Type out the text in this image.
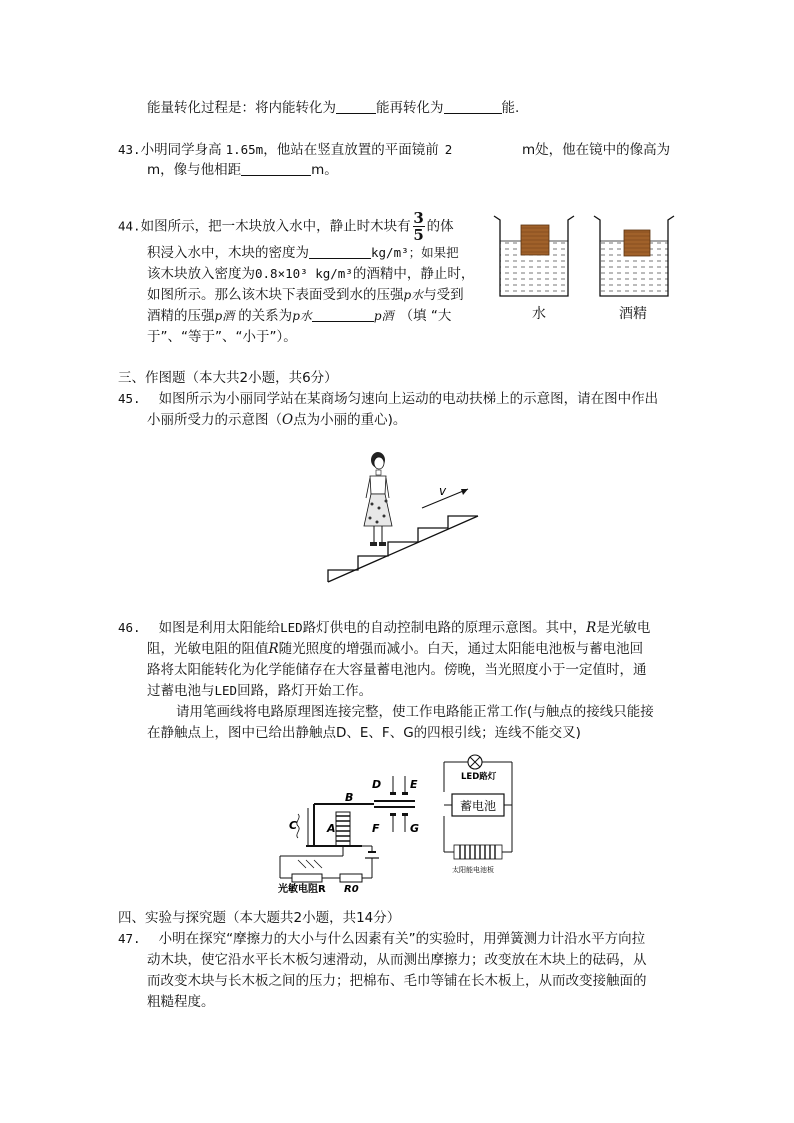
能量转化过程是：将内能转化为	能再转化为	能.
43.小明同学身高 1.65m，他站在竖直放置的平面镜前 2	m处，他在镜中的像高为
m，像与他相距	m。
44.如图所示，把一木块放入水中，静止时木块有 $\frac{3}{5}$ 的体
积浸入水中，木块的密度为	kg/m³；如果把
该木块放入密度为0.8×10³ kg/m³的酒精中，静止时，
如图所示。那么该木块下表面受到水的压强p水与受到
酒精的压强p酒 的关系为p水	p酒 （填 “大
于”、“等于”、“小于”）。
水	酒精
三、作图题（本大共2小题，共6分）
45. 如图所示为小丽同学站在某商场匀速向上运动的电动扶梯上的示意图，请在图中作出
小丽所受力的示意图（O点为小丽的重心)。
v
46. 如图是利用太阳能给LED路灯供电的自动控制电路的原理示意图。其中，R是光敏电
阻，光敏电阻的阻值R随光照度的增强而减小。白天，通过太阳能电池板与蓄电池回
路将太阳能转化为化学能储存在大容量蓄电池内。傍晚，当光照度小于一定值时，通
过蓄电池与LED回路，路灯开始工作。
请用笔画线将电路原理图连接完整，使工作电路能正常工作(与触点的接线只能接
在静触点上，图中已给出静触点D、E、F、G的四根引线；连线不能交叉)
LED路灯
蓄电池
太阳能电池板
D	E
F	G
B
C	A
光敏电阻R R0
四、实验与探究题（本大题共2小题，共14分）
47. 小明在探究“摩擦力的大小与什么因素有关”的实验时，用弹簧测力计沿水平方向拉
动木块，使它沿水平长木板匀速滑动，从而测出摩擦力；改变放在木块上的砝码，从
而改变木块与长木板之间的压力；把棉布、毛巾等铺在长木板上，从而改变接触面的
粗糙程度。
